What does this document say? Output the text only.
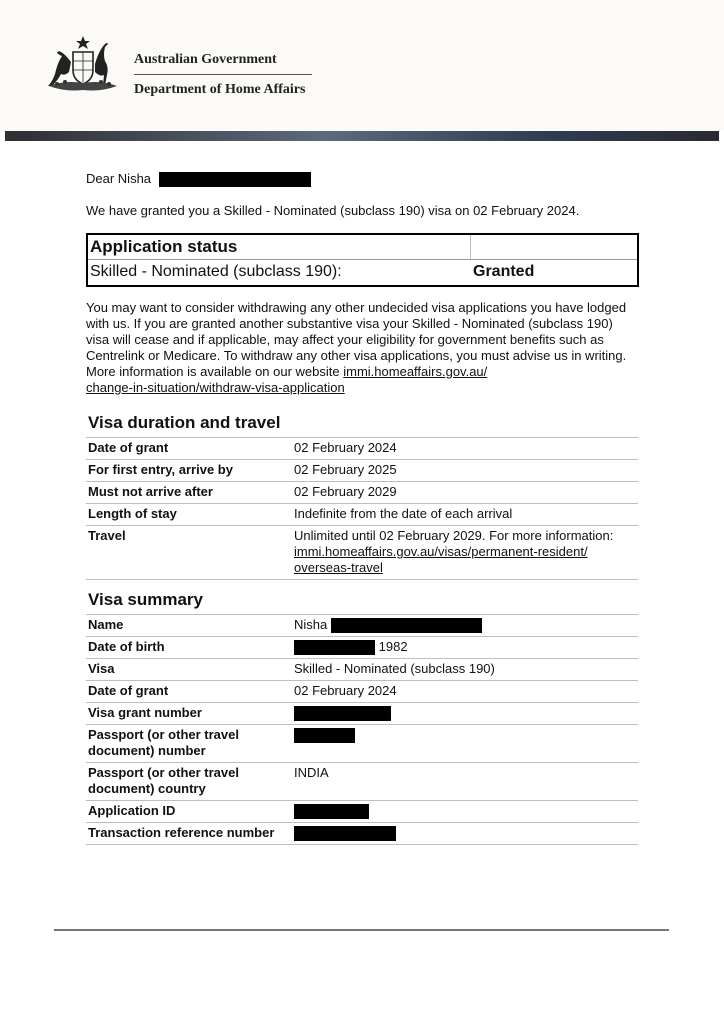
Australian Government
Department of Home Affairs
Dear Nisha
We have granted you a Skilled - Nominated (subclass 190) visa on 02 February 2024.
Application status
Skilled - Nominated (subclass 190):	Granted
You may want to consider withdrawing any other undecided visa applications you have lodged with us. If you are granted another substantive visa your Skilled - Nominated (subclass 190) visa will cease and if applicable, may affect your eligibility for government benefits such as Centrelink or Medicare. To withdraw any other visa applications, you must advise us in writing. More information is available on our website immi.homeaffairs.gov.au/
change-in-situation/withdraw-visa-application
Visa duration and travel
Date of grant	02 February 2024
For first entry, arrive by	02 February 2025
Must not arrive after	02 February 2029
Length of stay	Indefinite from the date of each arrival
Travel	Unlimited until 02 February 2029. For more information:
immi.homeaffairs.gov.au/visas/permanent-resident/
overseas-travel
Visa summary
Name	Nisha
Date of birth	1982
Visa	Skilled - Nominated (subclass 190)
Date of grant	02 February 2024
Visa grant number	
Passport (or other travel document) number	
Passport (or other travel document) country	INDIA
Application ID	
Transaction reference number	
